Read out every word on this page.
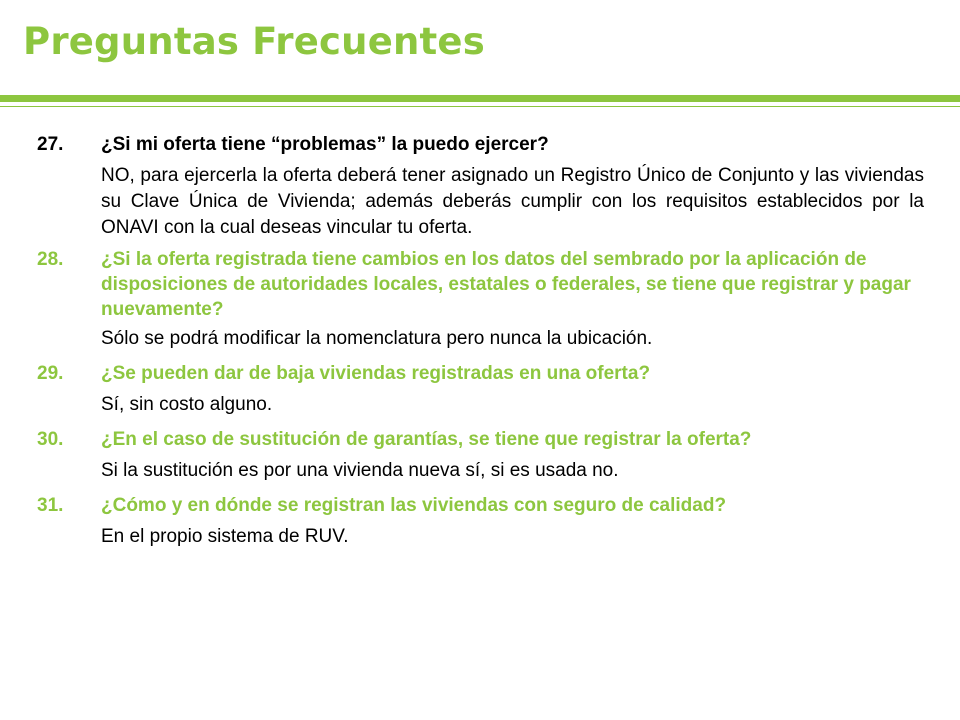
Preguntas Frecuentes
27. ¿Si mi oferta tiene “problemas” la puedo ejercer?

NO, para ejercerla la oferta deberá tener asignado un Registro Único de Conjunto y las viviendas su Clave Única de Vivienda; además deberás cumplir con los requisitos establecidos por la ONAVI con la cual deseas vincular tu oferta.

28. ¿Si la oferta registrada tiene cambios en los datos del sembrado por la aplicación de disposiciones de autoridades locales, estatales o federales, se tiene que registrar y pagar nuevamente?

Sólo se podrá modificar la nomenclatura pero nunca la ubicación.

29. ¿Se pueden dar de baja viviendas registradas en una oferta?

Sí, sin costo alguno.

30. ¿En el caso de sustitución de garantías, se tiene que registrar la oferta?

Si la sustitución es por una vivienda nueva sí, si es usada no.

31. ¿Cómo y en dónde se registran las viviendas con seguro de calidad?

En el propio sistema de RUV.
